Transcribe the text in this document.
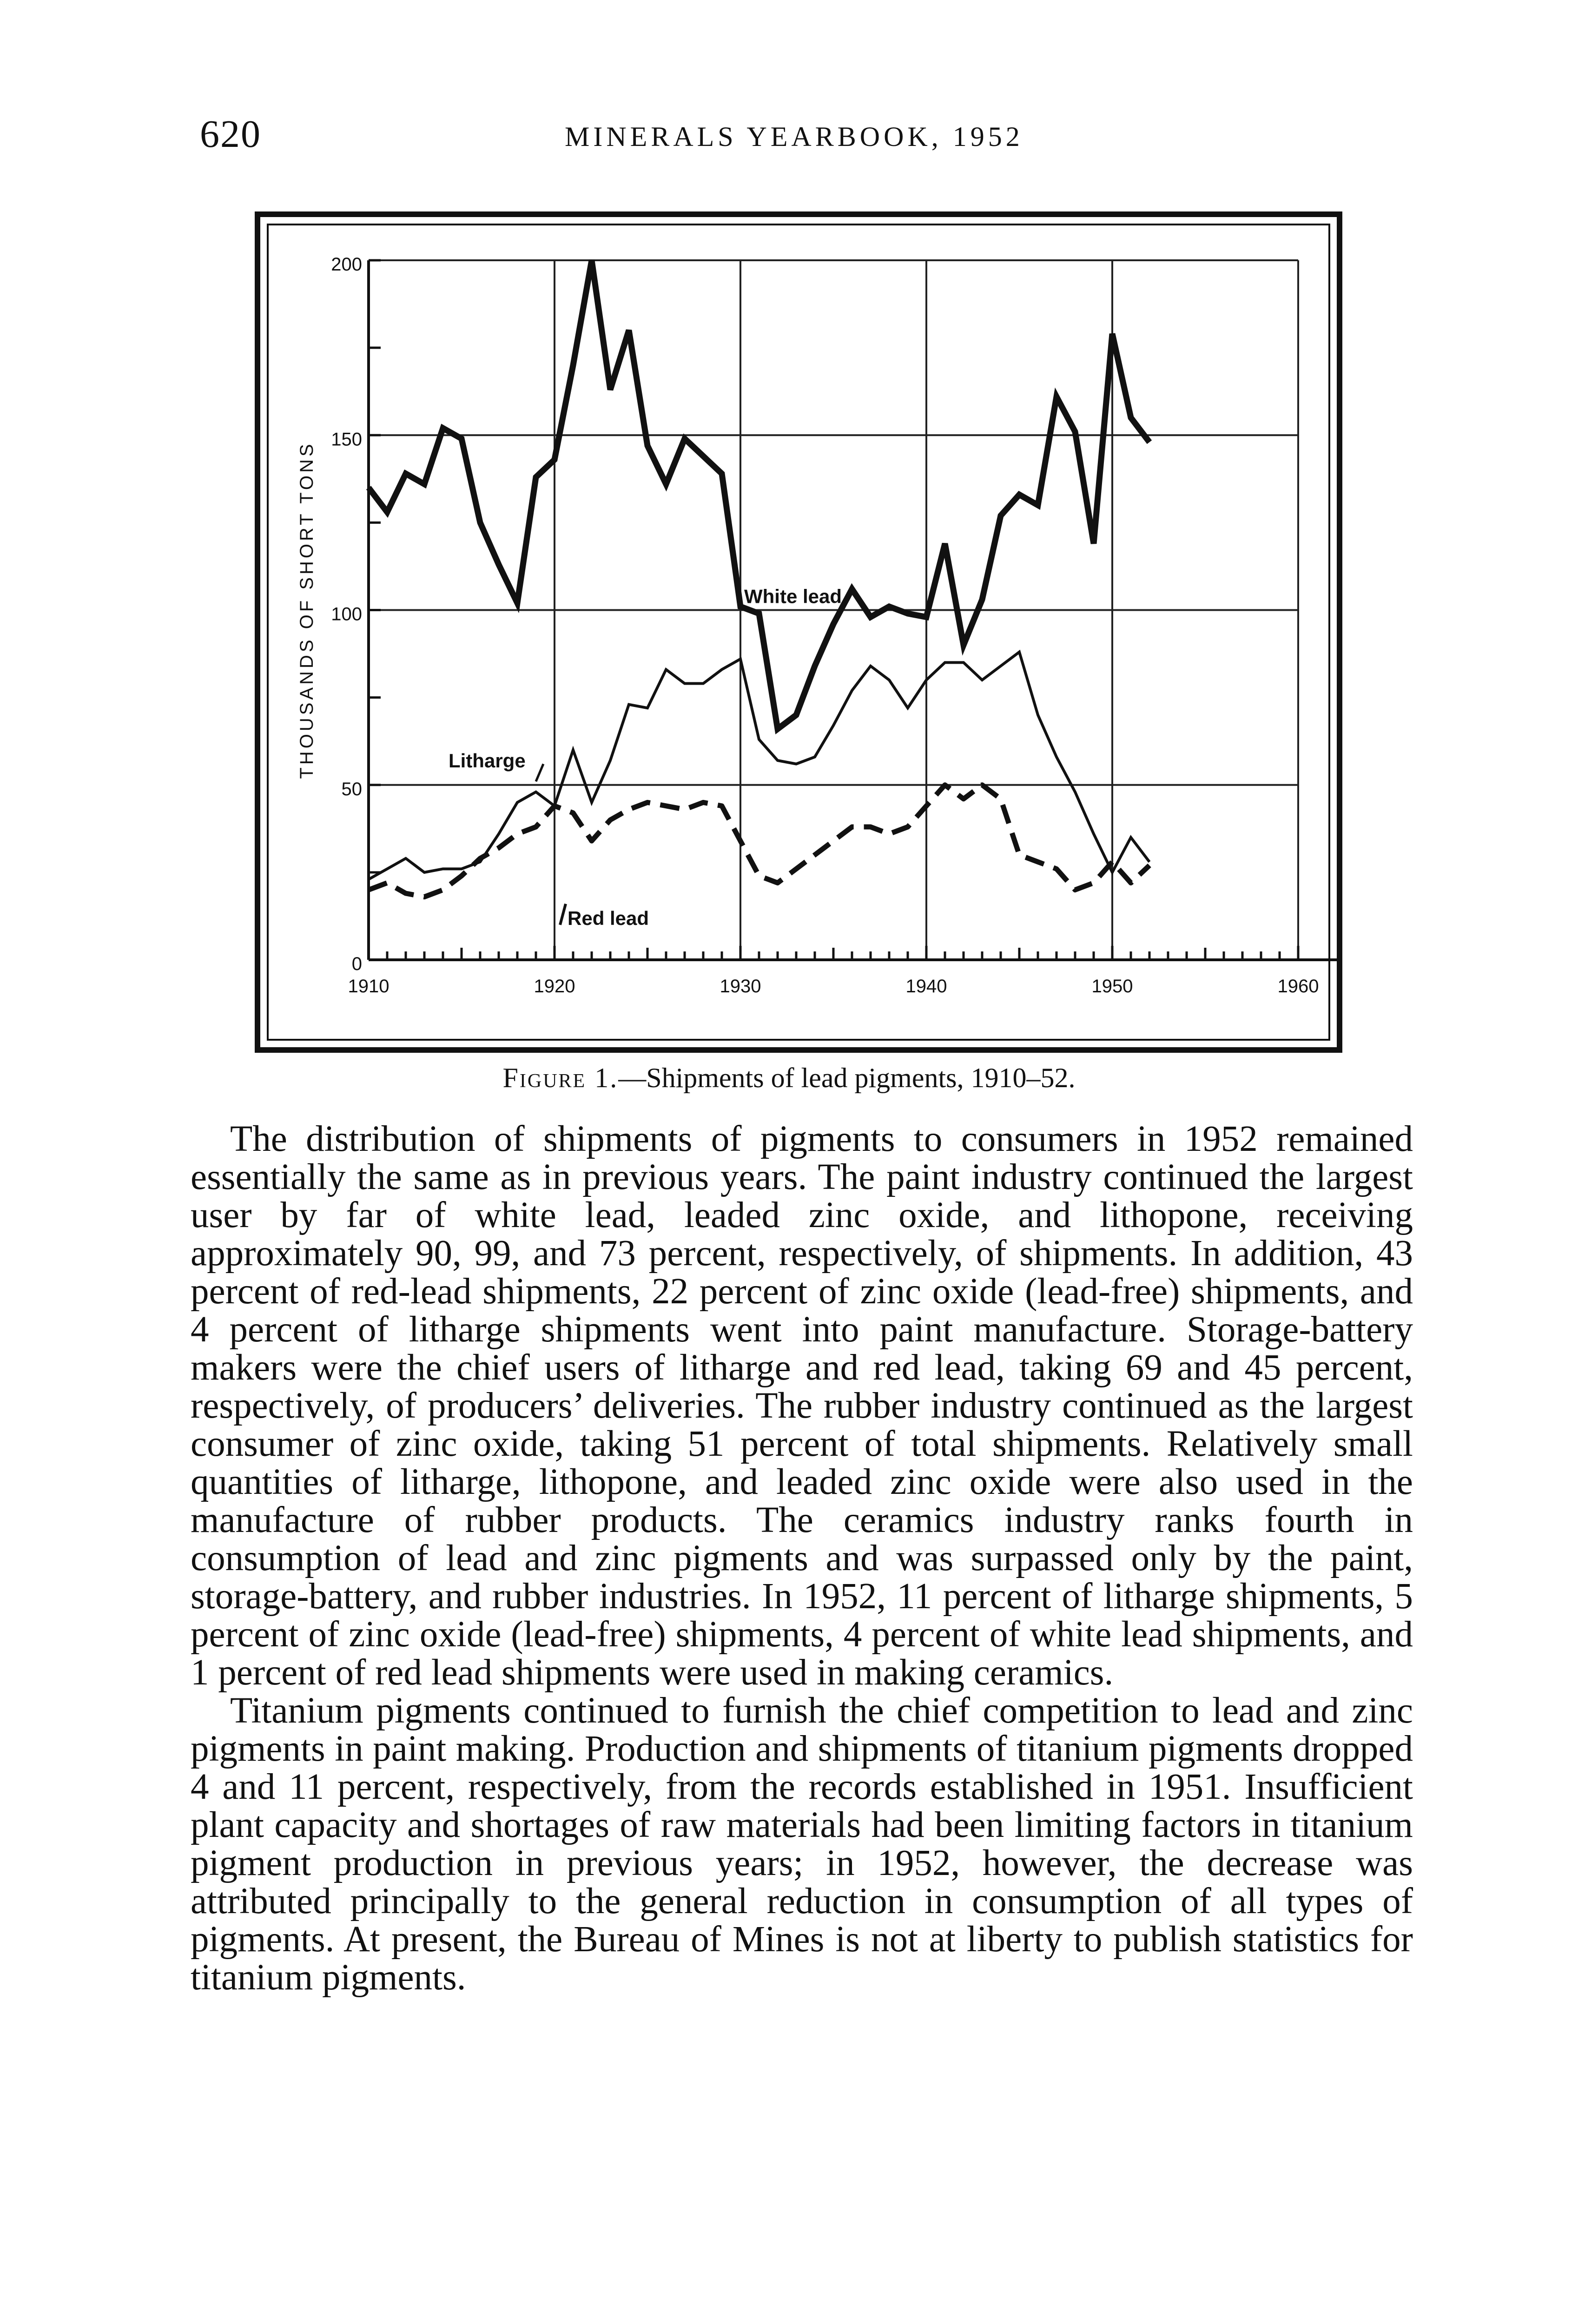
620	MINERALS YEARBOOK, 1952
0
50
100
150
200
1910	1920	1930	1940	1950	1960
THOUSANDS OF SHORT TONS	White lead
Litharge
Red lead
Figure 1.—Shipments of lead pigments, 1910–52.

The distribution of shipments of pigments to consumers in 1952 remained essentially the same as in previous years. The paint industry continued the largest user by far of white lead, leaded zinc oxide, and lithopone, receiving approximately 90, 99, and 73 percent, respectively, of shipments. In addition, 43 percent of red-lead shipments, 22 percent of zinc oxide (lead-free) shipments, and 4 percent of litharge shipments went into paint manufacture. Storage-battery makers were the chief users of litharge and red lead, taking 69 and 45 percent, respectively, of producers’ deliveries. The rubber industry continued as the largest consumer of zinc oxide, taking 51 percent of total shipments. Relatively small quantities of litharge, lithopone, and leaded zinc oxide were also used in the manufacture of rubber products. The ceramics industry ranks fourth in consumption of lead and zinc pigments and was surpassed only by the paint, storage-battery, and rubber industries. In 1952, 11 percent of litharge shipments, 5 percent of zinc oxide (lead-free) shipments, 4 percent of white lead shipments, and 1 percent of red lead shipments were used in making ceramics.

Titanium pigments continued to furnish the chief competition to lead and zinc pigments in paint making. Production and shipments of titanium pigments dropped 4 and 11 percent, respectively, from the records established in 1951. Insufficient plant capacity and shortages of raw materials had been limiting factors in titanium pigment production in previous years; in 1952, however, the decrease was attributed principally to the general reduction in consumption of all types of pigments. At present, the Bureau of Mines is not at liberty to publish statistics for titanium pigments.
